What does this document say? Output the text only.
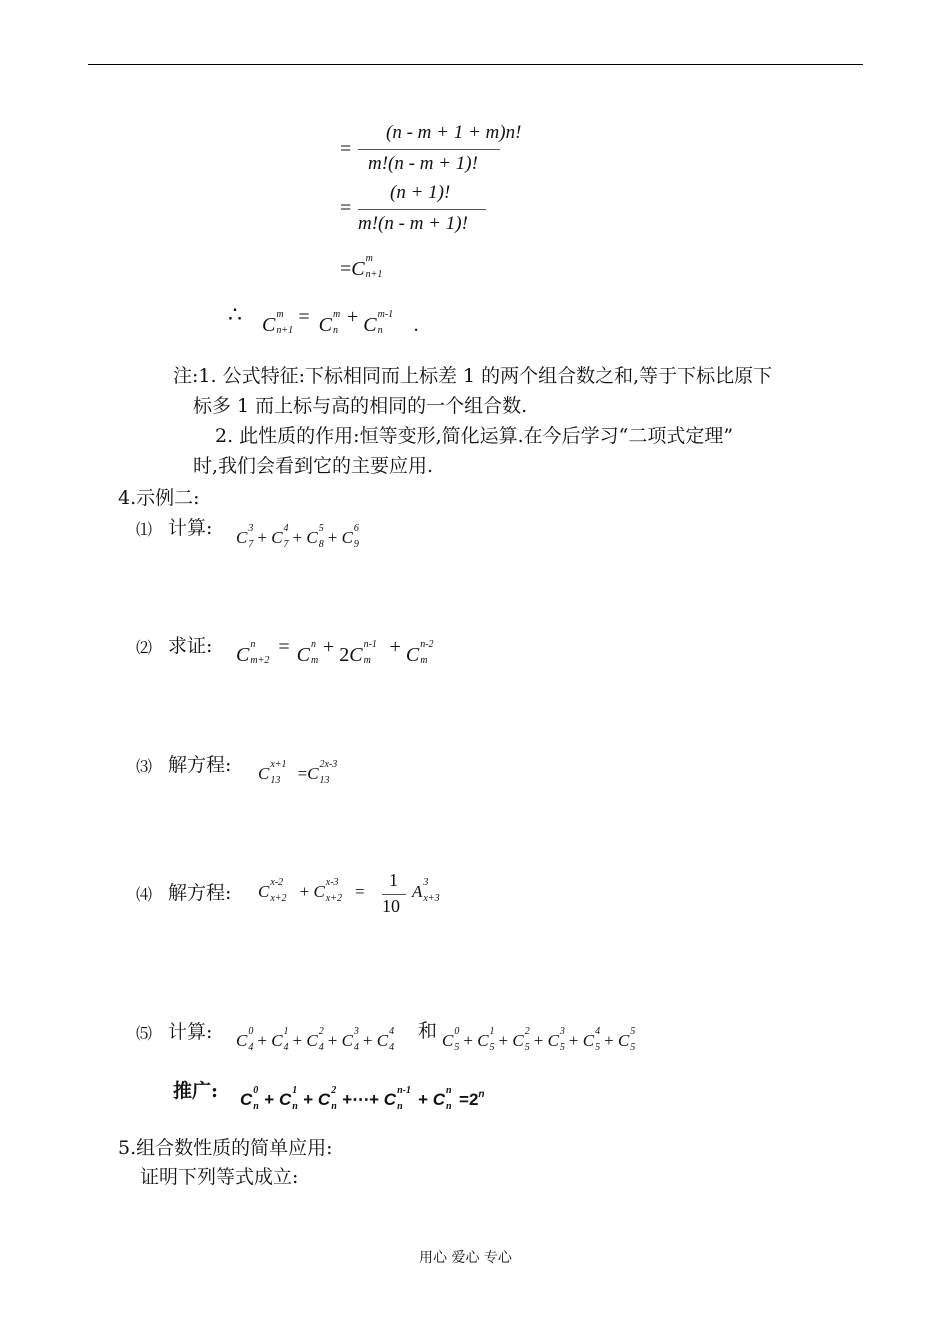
=
(n - m + 1 + m)n!
m!(n - m + 1)!
=
(n + 1)!
m!(n - m + 1)!
=C m
n+1
∴ C m
n+1
= C m
n
+ C m-1
n .
注:1. 公式特征:下标相同而上标差 1 的两个组合数之和,等于下标比原下
标多 1 而上标与高的相同的一个组合数.
2. 此性质的作用:恒等变形,简化运算.在今后学习“二项式定理”
时,我们会看到它的主要应用.
4.示例二:
⑴ 计算: C 3
7 + C 4
7 + C 5
8 + C 6
9
⑵ 求证: C n
m+2
= C n
m
+ 2C n-1
m
+ C n-2
m
⑶ 解方程: C x+1
13 =C 2x-3
13
⑷ 解方程: C x-2
x+2 + C x-3
x+2 =
1
10
A 3
x+3
⑸ 计算: C 0
4 + C 1
4 + C 2
4 + C 3
4 + C 4
4
和 C 0
5 + C 1
5 + C 2
5 + C 3
5 + C 4
5 + C 5
5
推广: C 0
n + C 1
n + C 2
n +⋯+ C n-1
n + C n
$n =2^n$
5.组合数性质的简单应用:
证明下列等式成立:
用心 爱心 专心
